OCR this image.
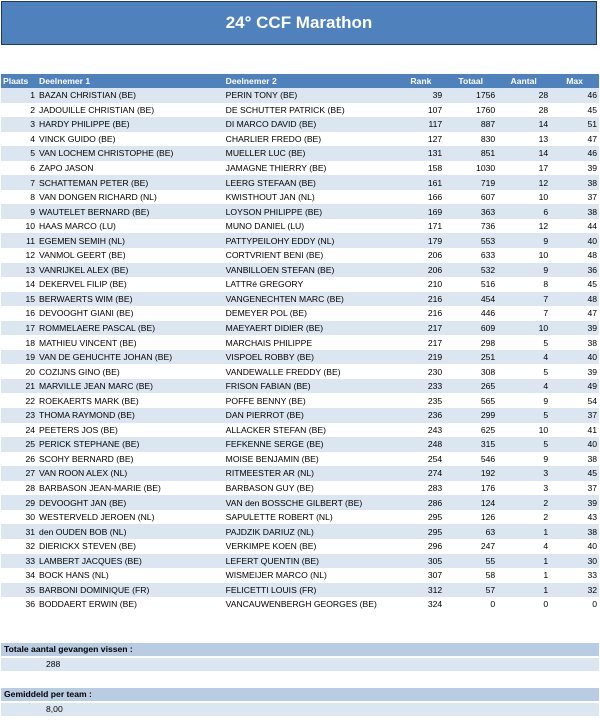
24° CCF Marathon
Plaats	Deelnemer 1	Deelnemer 2	Rank	Totaal	Aantal	Max
1	BAZAN CHRISTIAN (BE)	PERIN TONY (BE)	39	1756	28	46
2	JADOUILLE CHRISTIAN (BE)	DE SCHUTTER PATRICK (BE)	107	1760	28	45
3	HARDY PHILIPPE (BE)	DI MARCO DAVID (BE)	117	887	14	51
4	VINCK GUIDO (BE)	CHARLIER FREDO (BE)	127	830	13	47
5	VAN LOCHEM CHRISTOPHE (BE)	MUELLER LUC (BE)	131	851	14	46
6	ZAPO JASON	JAMAGNE THIERRY (BE)	158	1030	17	39
7	SCHATTEMAN PETER (BE)	LEERG STEFAAN (BE)	161	719	12	38
8	VAN DONGEN RICHARD (NL)	KWISTHOUT JAN (NL)	166	607	10	37
9	WAUTELET BERNARD (BE)	LOYSON PHILIPPE (BE)	169	363	6	38
10	HAAS MARCO (LU)	MUNO DANIEL (LU)	171	736	12	44
11	EGEMEN SEMIH (NL)	PATTYPEILOHY EDDY (NL)	179	553	9	40
12	VANMOL GEERT (BE)	CORTVRIENT BENI (BE)	206	633	10	48
13	VANRIJKEL ALEX (BE)	VANBILLOEN STEFAN (BE)	206	532	9	36
14	DEKERVEL FILIP (BE)	LATTRé GREGORY	210	516	8	45
15	BERWAERTS WIM (BE)	VANGENECHTEN MARC (BE)	216	454	7	48
16	DEVOOGHT GIANI (BE)	DEMEYER POL (BE)	216	446	7	47
17	ROMMELAERE PASCAL (BE)	MAEYAERT DIDIER (BE)	217	609	10	39
18	MATHIEU VINCENT (BE)	MARCHAIS PHILIPPE	217	298	5	38
19	VAN DE GEHUCHTE JOHAN (BE)	VISPOEL ROBBY (BE)	219	251	4	40
20	COZIJNS GINO (BE)	VANDEWALLE FREDDY (BE)	230	308	5	39
21	MARVILLE JEAN MARC (BE)	FRISON FABIAN (BE)	233	265	4	49
22	ROEKAERTS MARK (BE)	POFFE BENNY (BE)	235	565	9	54
23	THOMA RAYMOND (BE)	DAN PIERROT (BE)	236	299	5	37
24	PEETERS JOS (BE)	ALLACKER STEFAN (BE)	243	625	10	41
25	PERICK STEPHANE (BE)	FEFKENNE SERGE (BE)	248	315	5	40
26	SCOHY BERNARD (BE)	MOISE BENJAMIN (BE)	254	546	9	38
27	VAN ROON ALEX (NL)	RITMEESTER AR (NL)	274	192	3	45
28	BARBASON JEAN-MARIE (BE)	BARBASON GUY (BE)	283	176	3	37
29	DEVOOGHT JAN (BE)	VAN den BOSSCHE GILBERT (BE)	286	124	2	39
30	WESTERVELD JEROEN (NL)	SAPULETTE ROBERT (NL)	295	126	2	43
31	den OUDEN BOB (NL)	PAJDZIK DARIUZ (NL)	295	63	1	38
32	DIERICKX STEVEN (BE)	VERKIMPE KOEN (BE)	296	247	4	40
33	LAMBERT JACQUES (BE)	LEFERT QUENTIN (BE)	305	55	1	30
34	BOCK HANS (NL)	WISMEIJER MARCO (NL)	307	58	1	33
35	BARBONI DOMINIQUE (FR)	FELICETTI LOUIS (FR)	312	57	1	32
36	BODDAERT ERWIN (BE)	VANCAUWENBERGH GEORGES (BE)	324	0	0	0
Totale aantal gevangen vissen :
288
Gemiddeld per team :
8,00
